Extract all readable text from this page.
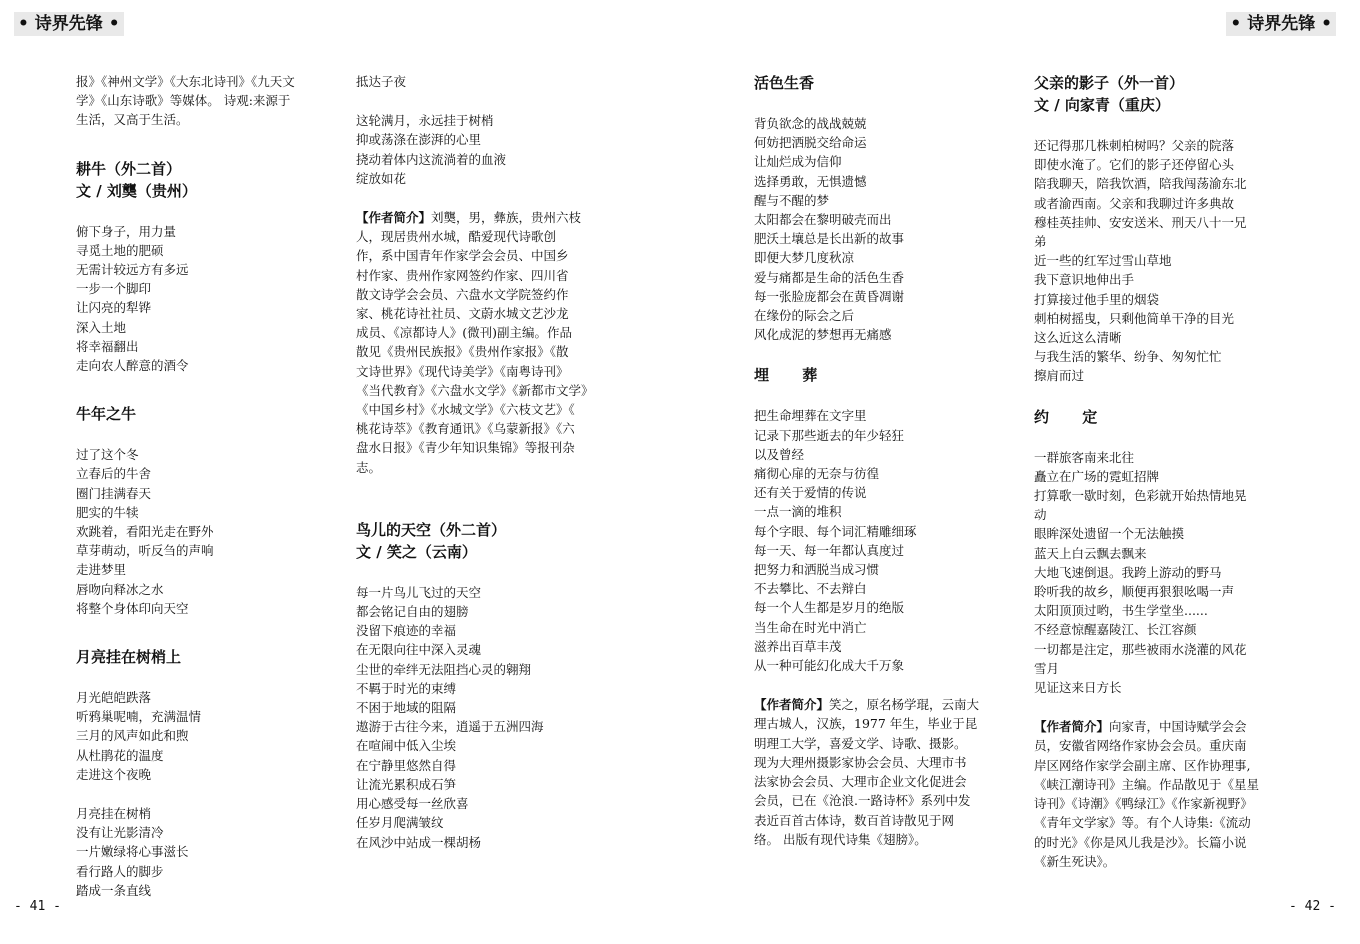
• 诗界先锋 •	• 诗界先锋 •
报》《神州文学》《大东北诗刊》《九天文
学》《山东诗歌》等媒体。 诗观:来源于
生活，又高于生活。
耕牛（外二首）
文 / 刘龑（贵州）
俯下身子，用力量
寻觅土地的肥硕
无需计较远方有多远
一步一个脚印
让闪亮的犁铧
深入土地
将幸福翻出
走向农人醉意的酒令
牛年之牛
过了这个冬
立春后的牛舍
圈门挂满春天
肥实的牛犊
欢跳着，看阳光走在野外
草芽萌动，听反刍的声响
走进梦里
唇吻向释冰之水
将整个身体印向天空
月亮挂在树梢上
月光皑皑跌落
听鸦巢呢喃，充满温情
三月的风声如此和煦
从杜鹃花的温度
走进这个夜晚
月亮挂在树梢
没有让光影清冷
一片嫩绿将心事滋长
看行路人的脚步
踏成一条直线
抵达子夜
这轮满月，永远挂于树梢
抑或荡涤在澎湃的心里
挠动着体内这流淌着的血液
绽放如花
【作者简介】刘龑，男，彝族，贵州六枝
人，现居贵州水城，酷爱现代诗歌创
作，系中国青年作家学会会员、中国乡
村作家、贵州作家网签约作家、四川省
散文诗学会会员、六盘水文学院签约作
家、桃花诗社社员、文蔚水城文艺沙龙
成员、《凉都诗人》(微刊)副主编。作品
散见《贵州民族报》《贵州作家报》《散
文诗世界》《现代诗美学》《南粤诗刊》
《当代教育》《六盘水文学》《新都市文学》
《中国乡村》《水城文学》《六枝文艺》《
桃花诗萃》《教育通讯》《乌蒙新报》《六
盘水日报》《青少年知识集锦》等报刊杂
志。
鸟儿的天空（外二首）
文 / 笑之（云南）
每一片鸟儿飞过的天空
都会铭记自由的翅膀
没留下痕迹的幸福
在无限向往中深入灵魂
尘世的牵绊无法阻挡心灵的翱翔
不羁于时光的束缚
不困于地域的阻隔
遨游于古往今来，逍遥于五洲四海
在喧闹中低入尘埃
在宁静里悠然自得
让流光累积成石笋
用心感受每一丝欣喜
任岁月爬满皱纹
在风沙中站成一棵胡杨
活色生香
背负欲念的战战兢兢
何妨把洒脱交给命运
让灿烂成为信仰
选择勇敢，无惧遗憾
醒与不醒的梦
太阳都会在黎明破壳而出
肥沃土壤总是长出新的故事
即便大梦几度秋凉
爱与痛都是生命的活色生香
每一张脸庞都会在黄昏凋谢
在缘份的际会之后
风化成泥的梦想再无痛感
埋 葬
把生命埋葬在文字里
记录下那些逝去的年少轻狂
以及曾经
痛彻心扉的无奈与彷徨
还有关于爱情的传说
一点一滴的堆积
每个字眼、每个词汇精雕细琢
每一天、每一年都认真度过
把努力和洒脱当成习惯
不去攀比、不去辩白
每一个人生都是岁月的绝版
当生命在时光中消亡
滋养出百草丰茂
从一种可能幻化成大千万象
【作者简介】笑之，原名杨学琨，云南大
理古城人，汉族，1977 年生，毕业于昆
明理工大学，喜爱文学、诗歌、摄影。
现为大理州摄影家协会会员、大理市书
法家协会会员、大理市企业文化促进会
会员，已在《沧浪.一路诗杯》系列中发
表近百首古体诗，数百首诗散见于网
络。 出版有现代诗集《翅膀》。
父亲的影子（外一首）
文 / 向家青（重庆）
还记得那几株刺柏树吗？父亲的院落
即使水淹了。它们的影子还停留心头
陪我聊天，陪我饮酒，陪我闯荡渝东北
或者渝西南。父亲和我聊过许多典故
穆桂英挂帅、安安送米、刑天八十一兄
弟
近一些的红军过雪山草地
我下意识地伸出手
打算接过他手里的烟袋
刺柏树摇曳，只剩他简单干净的目光
这么近这么清晰
与我生活的繁华、纷争、匆匆忙忙
擦肩而过
约 定
一群旅客南来北往
矗立在广场的霓虹招牌
打算歌一歇时刻，色彩就开始热情地晃
动
眼眸深处遗留一个无法触摸
蓝天上白云飘去飘来
大地飞速倒退。我跨上游动的野马
聆听我的故乡，顺便再狠狠吆喝一声
太阳顶顶过哟，书生学堂坐......
不经意惊醒嘉陵江、长江容颜
一切都是注定，那些被雨水浇灌的风花
雪月
见证这来日方长
【作者简介】向家青，中国诗赋学会会
员，安徽省网络作家协会会员。重庆南
岸区网络作家学会副主席、区作协理事,
《峡江潮诗刊》主编。作品散见于《星星
诗刊》《诗潮》《鸭绿江》《作家新视野》
《青年文学家》等。有个人诗集:《流动
的时光》《你是风儿我是沙》。长篇小说
《新生死诀》。
- 41 -	- 42 -
